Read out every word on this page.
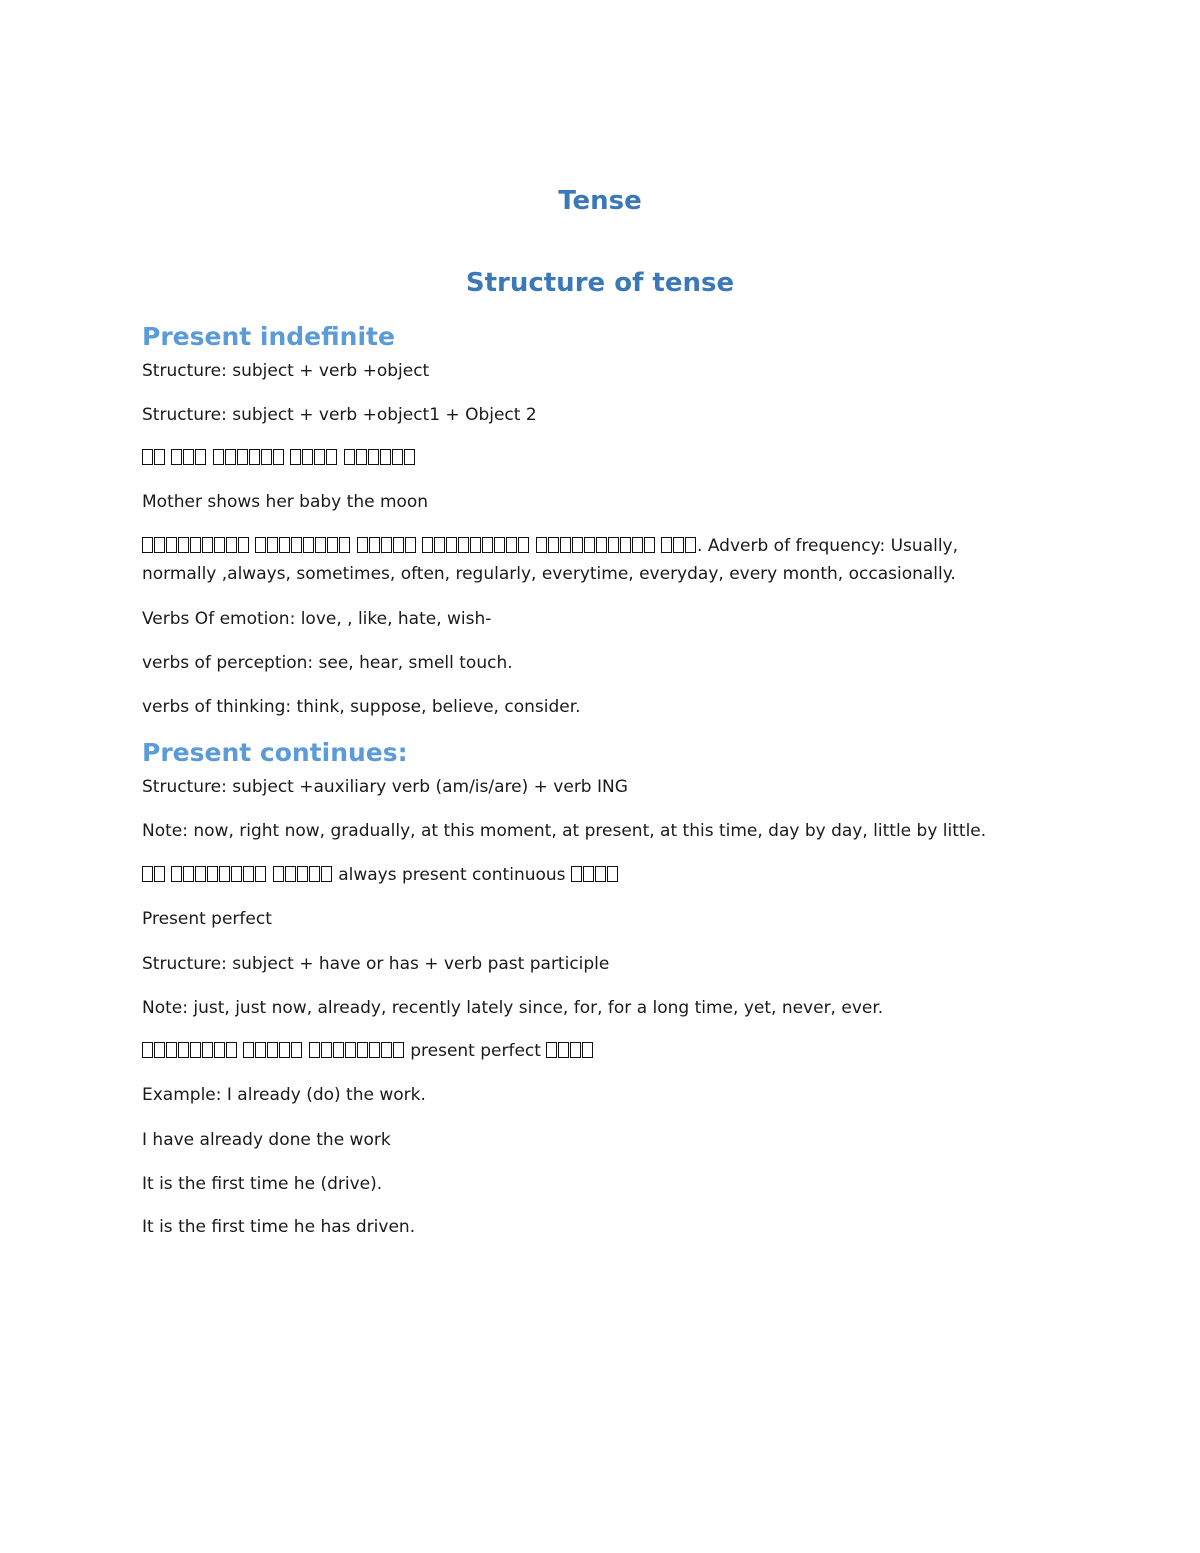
Tense
Structure of tense
Present indefinite
Structure: subject + verb +object
Structure: subject + verb +object1 + Object 2

Mother shows her baby the moon
. Adverb of frequency: Usually, normally ,always, sometimes, often, regularly, everytime, everyday, every month, occasionally.
Verbs Of emotion: love, , like, hate, wish-
verbs of perception: see, hear, smell touch.
verbs of thinking: think, suppose, believe, consider.
Present continues:
Structure: subject +auxiliary verb (am/is/are) + verb ING
Note: now, right now, gradually, at this moment, at present, at this time, day by day, little by little.
always present continuous
Present perfect
Structure: subject + have or has + verb past participle
Note: just, just now, already, recently lately since, for, for a long time, yet, never, ever.
present perfect
Example: I already (do) the work.
I have already done the work
It is the first time he (drive).
It is the first time he has driven.
